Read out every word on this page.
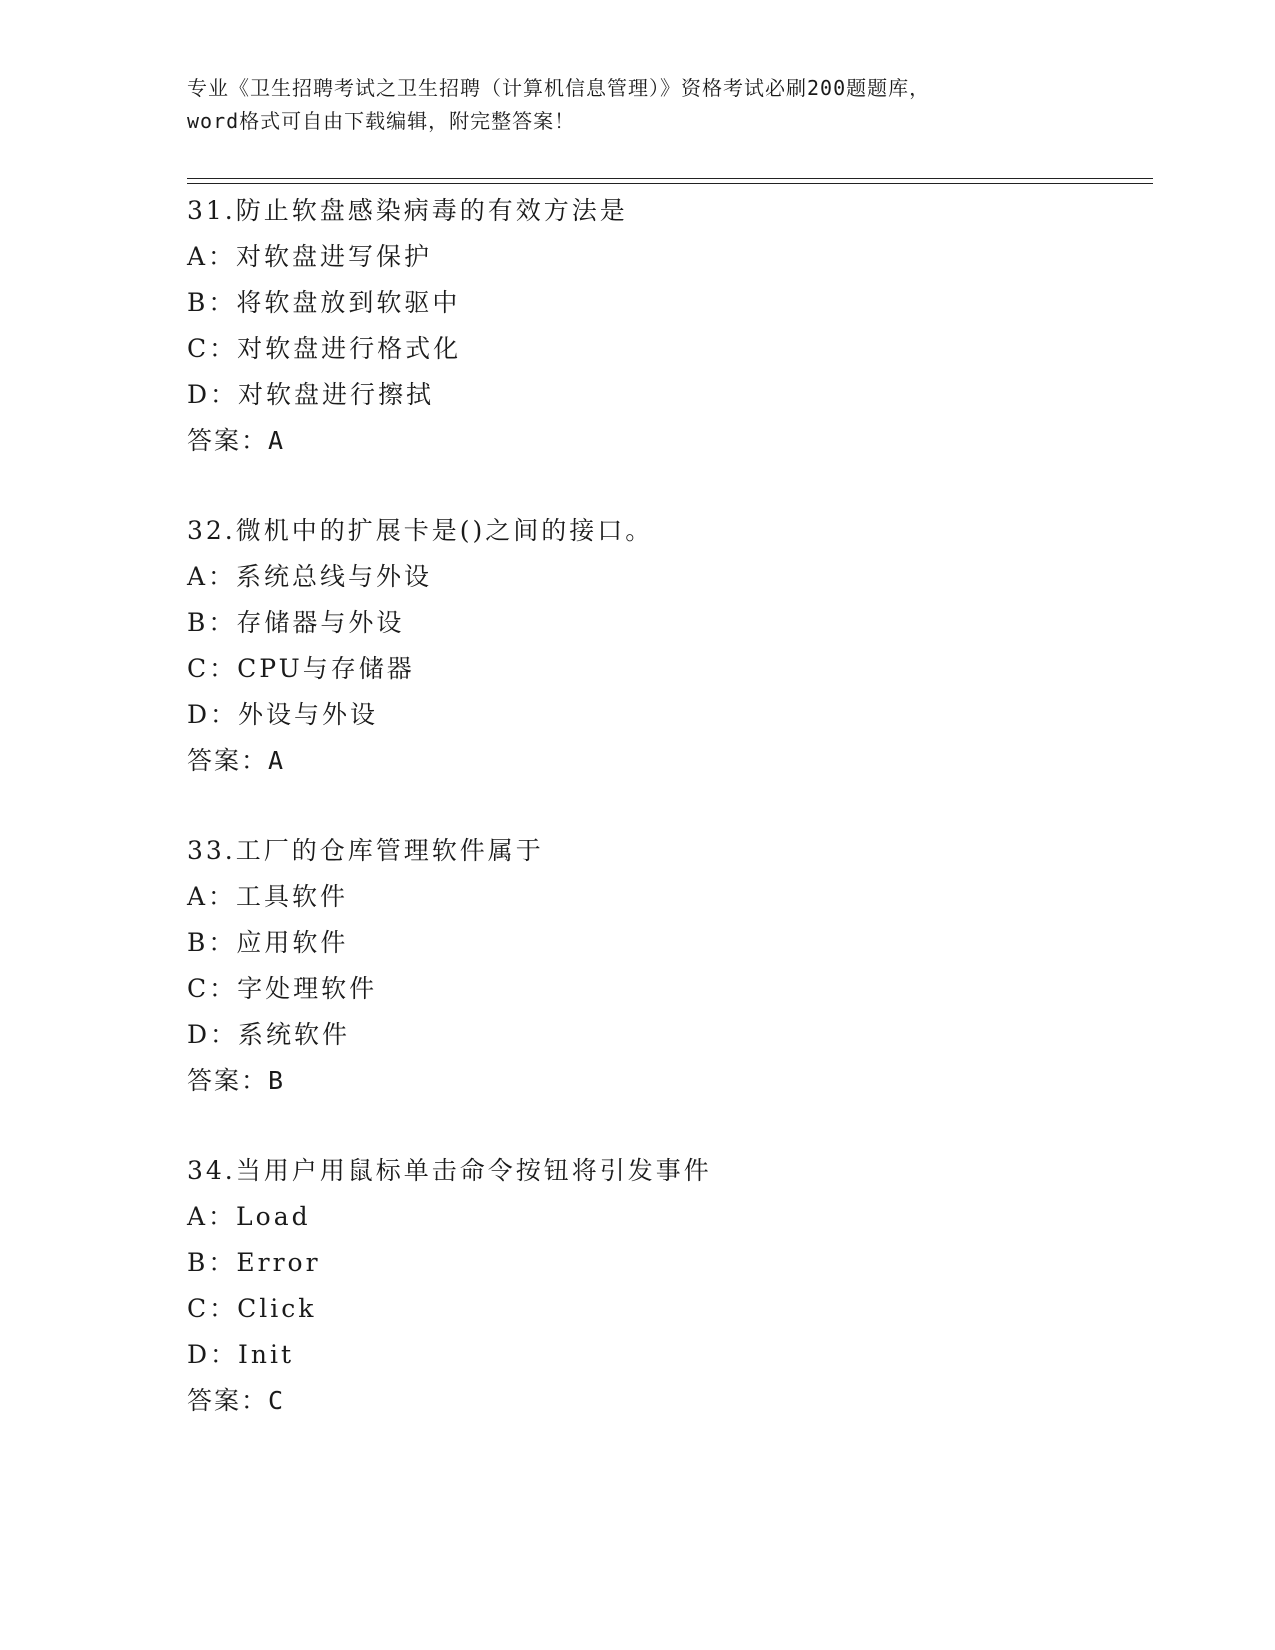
专业《卫生招聘考试之卫生招聘（计算机信息管理）》资格考试必刷200题题库，
word格式可自由下载编辑，附完整答案！
31.防止软盘感染病毒的有效方法是
A：对软盘进写保护
B：将软盘放到软驱中
C：对软盘进行格式化
D：对软盘进行擦拭
答案：A
32.微机中的扩展卡是()之间的接口。
A：系统总线与外设
B：存储器与外设
C：CPU与存储器
D：外设与外设
答案：A
33.工厂的仓库管理软件属于
A：工具软件
B：应用软件
C：字处理软件
D：系统软件
答案：B
34.当用户用鼠标单击命令按钮将引发事件
A：Load
B：Error
C：Click
D：Init
答案：C
